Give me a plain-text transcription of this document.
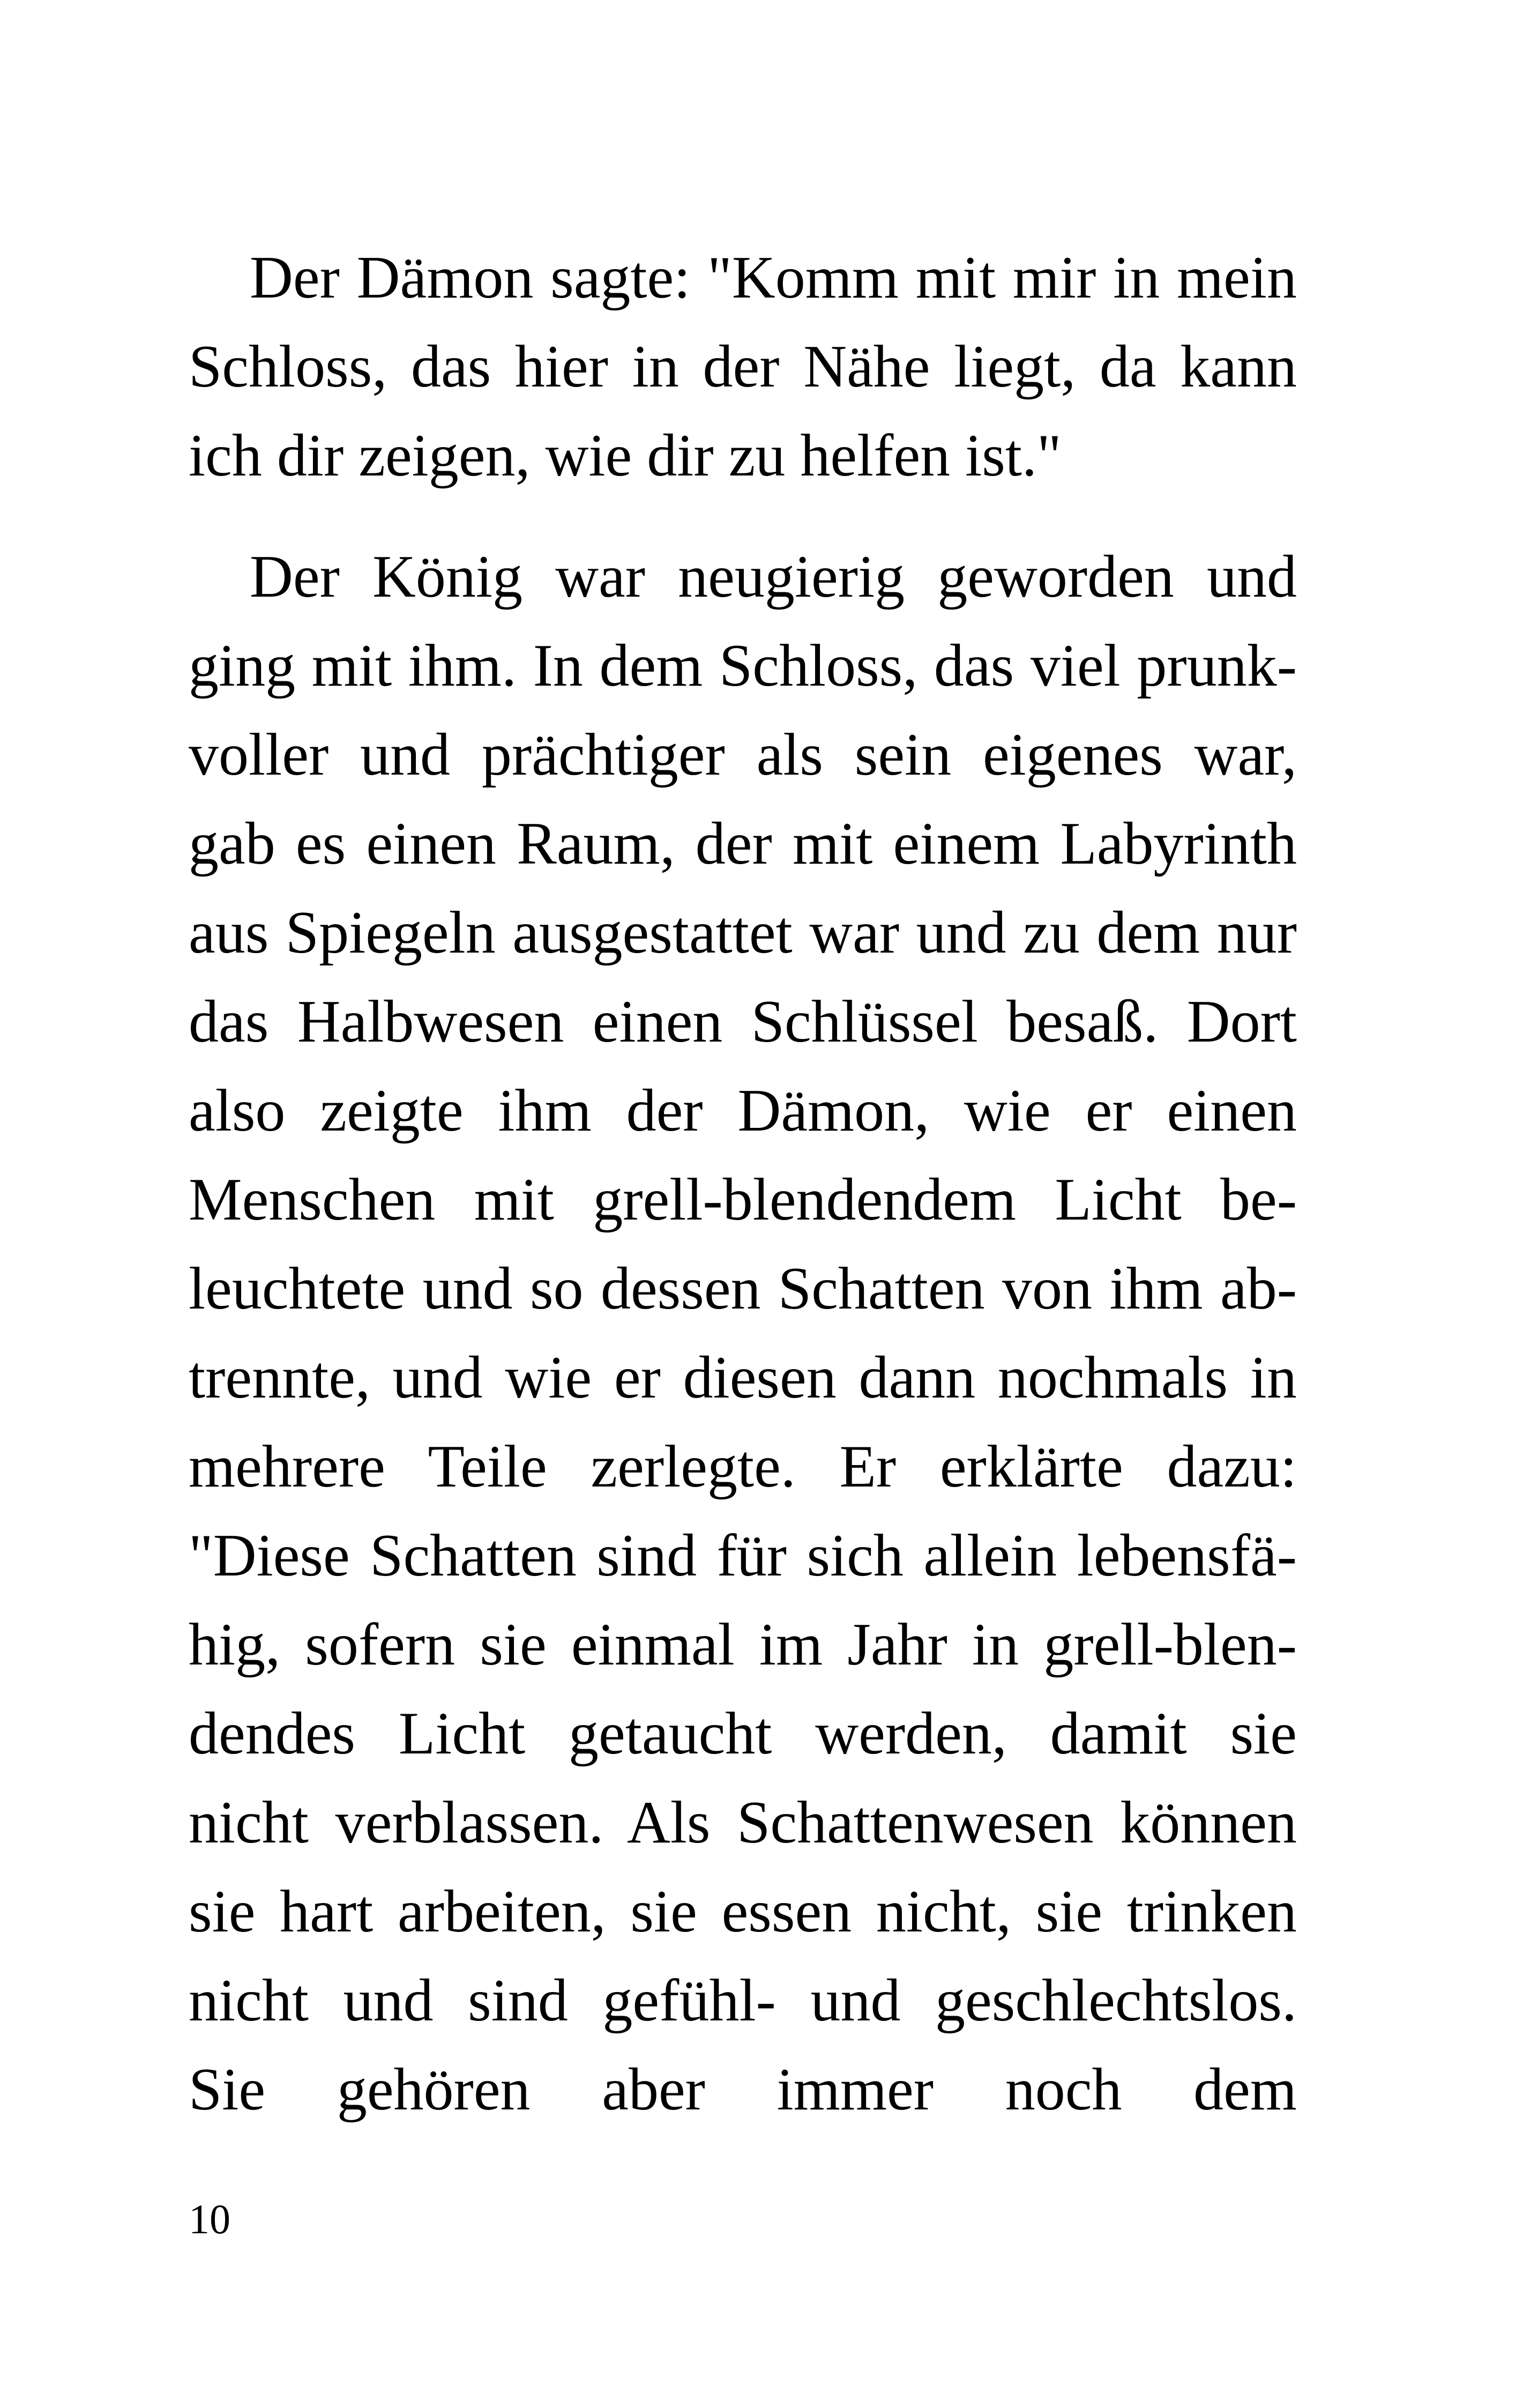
Der Dämon sagte: "Komm mit mir in mein
Schloss, das hier in der Nähe liegt, da kann
ich dir zeigen, wie dir zu helfen ist."
Der König war neugierig geworden und
ging mit ihm. In dem Schloss, das viel prunk-
voller und prächtiger als sein eigenes war,
gab es einen Raum, der mit einem Labyrinth
aus Spiegeln ausgestattet war und zu dem nur
das Halbwesen einen Schlüssel besaß. Dort
also zeigte ihm der Dämon, wie er einen
Menschen mit grell-blendendem Licht be-
leuchtete und so dessen Schatten von ihm ab-
trennte, und wie er diesen dann nochmals in
mehrere Teile zerlegte. Er erklärte dazu:
"Diese Schatten sind für sich allein lebensfä-
hig, sofern sie einmal im Jahr in grell-blen-
dendes Licht getaucht werden, damit sie
nicht verblassen. Als Schattenwesen können
sie hart arbeiten, sie essen nicht, sie trinken
nicht und sind gefühl- und geschlechtslos.
Sie gehören aber immer noch dem
10
